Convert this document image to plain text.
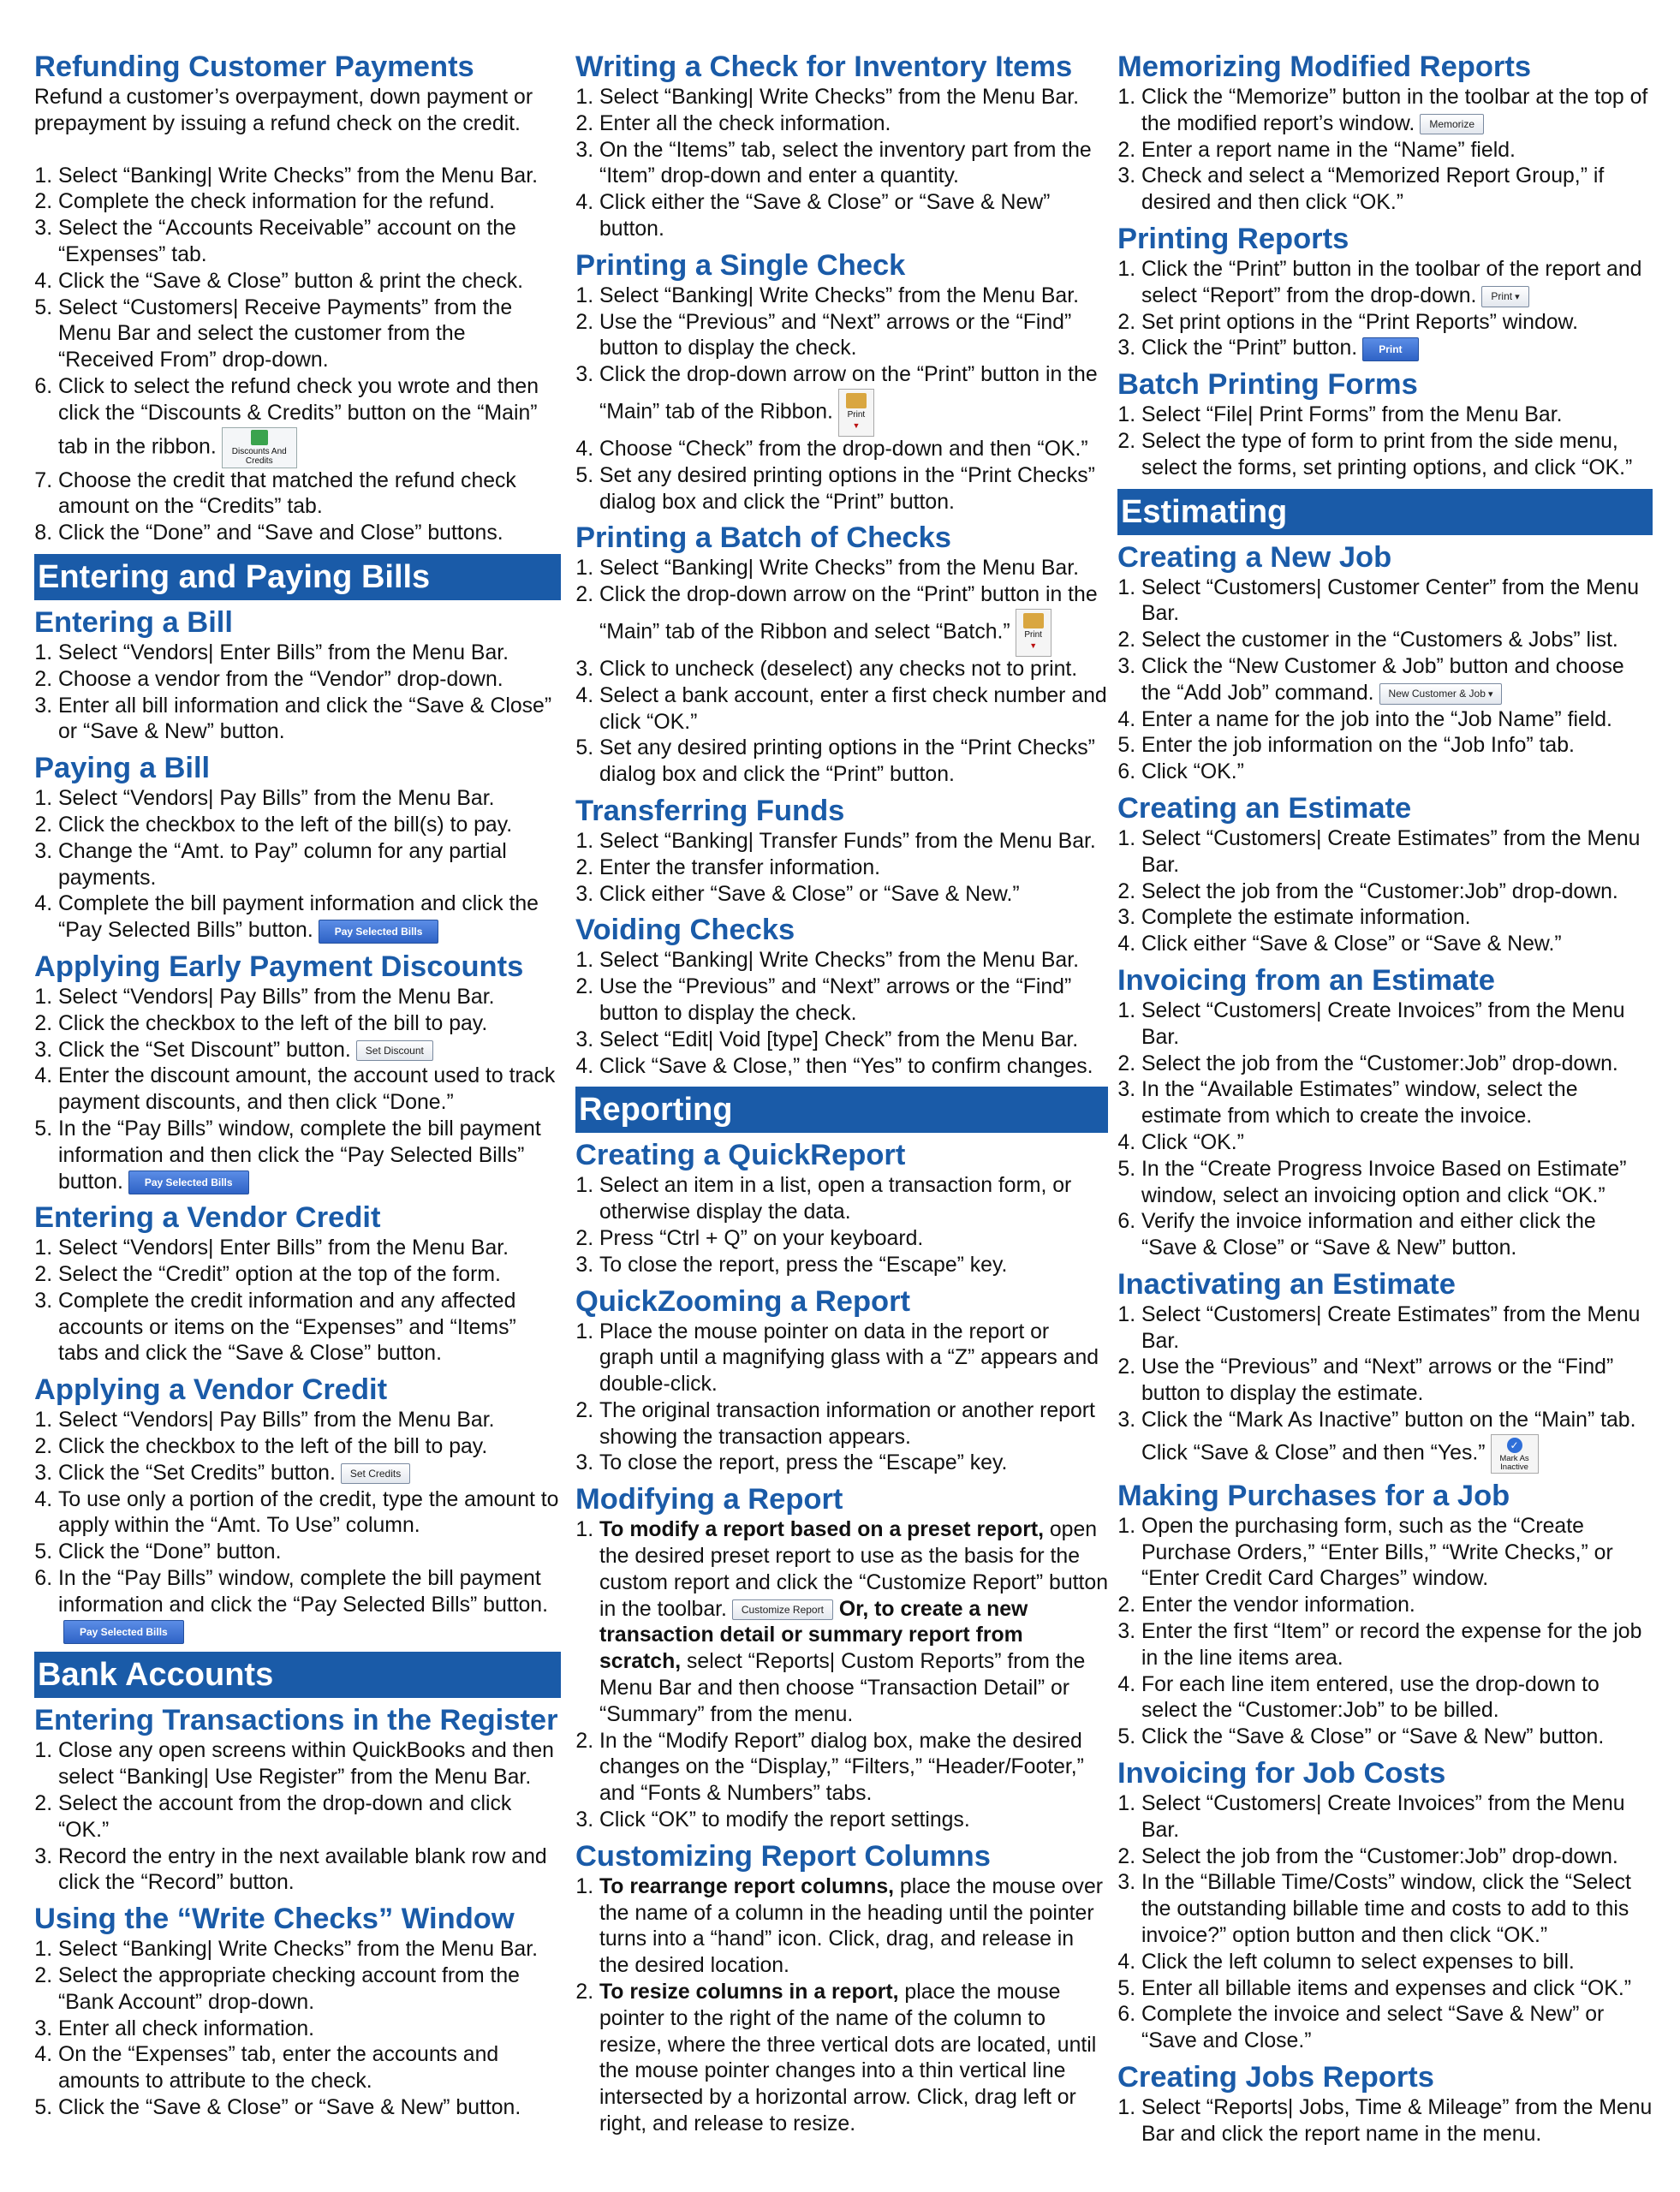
Refunding Customer Payments
Refund a customer’s overpayment, down payment or prepayment by issuing a refund check on the credit.
1. Select “Banking| Write Checks” from the Menu Bar.
2. Complete the check information for the refund.
3. Select the “Accounts Receivable” account on the “Expenses” tab.
4. Click the “Save & Close” button & print the check.
5. Select “Customers| Receive Payments” from the Menu Bar and select the customer from the “Received From” drop-down.
6. Click to select the refund check you wrote and then click the “Discounts & Credits” button on the “Main” tab in the ribbon. Discounts And Credits
7. Choose the credit that matched the refund check amount on the “Credits” tab.
8. Click the “Done” and “Save and Close” buttons.
Entering and Paying Bills
Entering a Bill
1. Select “Vendors| Enter Bills” from the Menu Bar.
2. Choose a vendor from the “Vendor” drop-down.
3. Enter all bill information and click the “Save & Close” or “Save & New” button.
Paying a Bill
1. Select “Vendors| Pay Bills” from the Menu Bar.
2. Click the checkbox to the left of the bill(s) to pay.
3. Change the “Amt. to Pay” column for any partial payments.
4. Complete the bill payment information and click the “Pay Selected Bills” button. Pay Selected Bills
Applying Early Payment Discounts
1. Select “Vendors| Pay Bills” from the Menu Bar.
2. Click the checkbox to the left of the bill to pay.
3. Click the “Set Discount” button. Set Discount
4. Enter the discount amount, the account used to track payment discounts, and then click “Done.”
5. In the “Pay Bills” window, complete the bill payment information and then click the “Pay Selected Bills” button. Pay Selected Bills
Entering a Vendor Credit
1. Select “Vendors| Enter Bills” from the Menu Bar.
2. Select the “Credit” option at the top of the form.
3. Complete the credit information and any affected accounts or items on the “Expenses” and “Items” tabs and click the “Save & Close” button.
Applying a Vendor Credit
1. Select “Vendors| Pay Bills” from the Menu Bar.
2. Click the checkbox to the left of the bill to pay.
3. Click the “Set Credits” button. Set Credits
4. To use only a portion of the credit, type the amount to apply within the “Amt. To Use” column.
5. Click the “Done” button.
6. In the “Pay Bills” window, complete the bill payment information and click the “Pay Selected Bills” button.
Pay Selected Bills
Bank Accounts
Entering Transactions in the Register
1. Close any open screens within QuickBooks and then select “Banking| Use Register” from the Menu Bar.
2. Select the account from the drop-down and click “OK.”
3. Record the entry in the next available blank row and click the “Record” button.
Using the “Write Checks” Window
1. Select “Banking| Write Checks” from the Menu Bar.
2. Select the appropriate checking account from the “Bank Account” drop-down.
3. Enter all check information.
4. On the “Expenses” tab, enter the accounts and amounts to attribute to the check.
5. Click the “Save & Close” or “Save & New” button.
Writing a Check for Inventory Items
1. Select “Banking| Write Checks” from the Menu Bar.
2. Enter all the check information.
3. On the “Items” tab, select the inventory part from the “Item” drop-down and enter a quantity.
4. Click either the “Save & Close” or “Save & New” button.
Printing a Single Check
1. Select “Banking| Write Checks” from the Menu Bar.
2. Use the “Previous” and “Next” arrows or the “Find” button to display the check.
3. Click the drop-down arrow on the “Print” button in the “Main” tab of the Ribbon. Print
▼
4. Choose “Check” from the drop-down and then “OK.”
5. Set any desired printing options in the “Print Checks” dialog box and click the “Print” button.
Printing a Batch of Checks
1. Select “Banking| Write Checks” from the Menu Bar.
2. Click the drop-down arrow on the “Print” button in the “Main” tab of the Ribbon and select “Batch.” Print
▼
3. Click to uncheck (deselect) any checks not to print.
4. Select a bank account, enter a first check number and click “OK.”
5. Set any desired printing options in the “Print Checks” dialog box and click the “Print” button.
Transferring Funds
1. Select “Banking| Transfer Funds” from the Menu Bar.
2. Enter the transfer information.
3. Click either “Save & Close” or “Save & New.”
Voiding Checks
1. Select “Banking| Write Checks” from the Menu Bar.
2. Use the “Previous” and “Next” arrows or the “Find” button to display the check.
3. Select “Edit| Void [type] Check” from the Menu Bar.
4. Click “Save & Close,” then “Yes” to confirm changes.
Reporting
Creating a QuickReport
1. Select an item in a list, open a transaction form, or otherwise display the data.
2. Press “Ctrl + Q” on your keyboard.
3. To close the report, press the “Escape” key.
QuickZooming a Report
1. Place the mouse pointer on data in the report or graph until a magnifying glass with a “Z” appears and double-click.
2. The original transaction information or another report showing the transaction appears.
3. To close the report, press the “Escape” key.
Modifying a Report
1. To modify a report based on a preset report, open the desired preset report to use as the basis for the custom report and click the “Customize Report” button in the toolbar. Customize Report Or, to create a new transaction detail or summary report from scratch, select “Reports| Custom Reports” from the Menu Bar and then choose “Transaction Detail” or “Summary” from the menu.
2. In the “Modify Report” dialog box, make the desired changes on the “Display,” “Filters,” “Header/Footer,” and “Fonts & Numbers” tabs.
3. Click “OK” to modify the report settings.
Customizing Report Columns
1. To rearrange report columns, place the mouse over the name of a column in the heading until the pointer turns into a “hand” icon. Click, drag, and release in the desired location.
2. To resize columns in a report, place the mouse pointer to the right of the name of the column to resize, where the three vertical dots are located, until the mouse pointer changes into a thin vertical line intersected by a horizontal arrow. Click, drag left or right, and release to resize.
Memorizing Modified Reports
1. Click the “Memorize” button in the toolbar at the top of the modified report’s window. Memorize
2. Enter a report name in the “Name” field.
3. Check and select a “Memorized Report Group,” if desired and then click “OK.”
Printing Reports
1. Click the “Print” button in the toolbar of the report and select “Report” from the drop-down. Print ▾
2. Set print options in the “Print Reports” window.
3. Click the “Print” button. Print
Batch Printing Forms
1. Select “File| Print Forms” from the Menu Bar.
2. Select the type of form to print from the side menu, select the forms, set printing options, and click “OK.”
Estimating
Creating a New Job
1. Select “Customers| Customer Center” from the Menu Bar.
2. Select the customer in the “Customers & Jobs” list.
3. Click the “New Customer & Job” button and choose the “Add Job” command. New Customer & Job ▾
4. Enter a name for the job into the “Job Name” field.
5. Enter the job information on the “Job Info” tab.
6. Click “OK.”
Creating an Estimate
1. Select “Customers| Create Estimates” from the Menu Bar.
2. Select the job from the “Customer:Job” drop-down.
3. Complete the estimate information.
4. Click either “Save & Close” or “Save & New.”
Invoicing from an Estimate
1. Select “Customers| Create Invoices” from the Menu Bar.
2. Select the job from the “Customer:Job” drop-down.
3. In the “Available Estimates” window, select the estimate from which to create the invoice.
4. Click “OK.”
5. In the “Create Progress Invoice Based on Estimate” window, select an invoicing option and click “OK.”
6. Verify the invoice information and either click the “Save & Close” or “Save & New” button.
Inactivating an Estimate
1. Select “Customers| Create Estimates” from the Menu Bar.
2. Use the “Previous” and “Next” arrows or the “Find” button to display the estimate.
3. Click the “Mark As Inactive” button on the “Main” tab. Click “Save & Close” and then “Yes.”	✓
Mark As Inactive
Making Purchases for a Job
1. Open the purchasing form, such as the “Create Purchase Orders,” “Enter Bills,” “Write Checks,” or “Enter Credit Card Charges” window.
2. Enter the vendor information.
3. Enter the first “Item” or record the expense for the job in the line items area.
4. For each line item entered, use the drop-down to select the “Customer:Job” to be billed.
5. Click the “Save & Close” or “Save & New” button.
Invoicing for Job Costs
1. Select “Customers| Create Invoices” from the Menu Bar.
2. Select the job from the “Customer:Job” drop-down.
3. In the “Billable Time/Costs” window, click the “Select the outstanding billable time and costs to add to this invoice?” option button and then click “OK.”
4. Click the left column to select expenses to bill.
5. Enter all billable items and expenses and click “OK.”
6. Complete the invoice and select “Save & New” or “Save and Close.”
Creating Jobs Reports
1. Select “Reports| Jobs, Time & Mileage” from the Menu Bar and click the report name in the menu.
